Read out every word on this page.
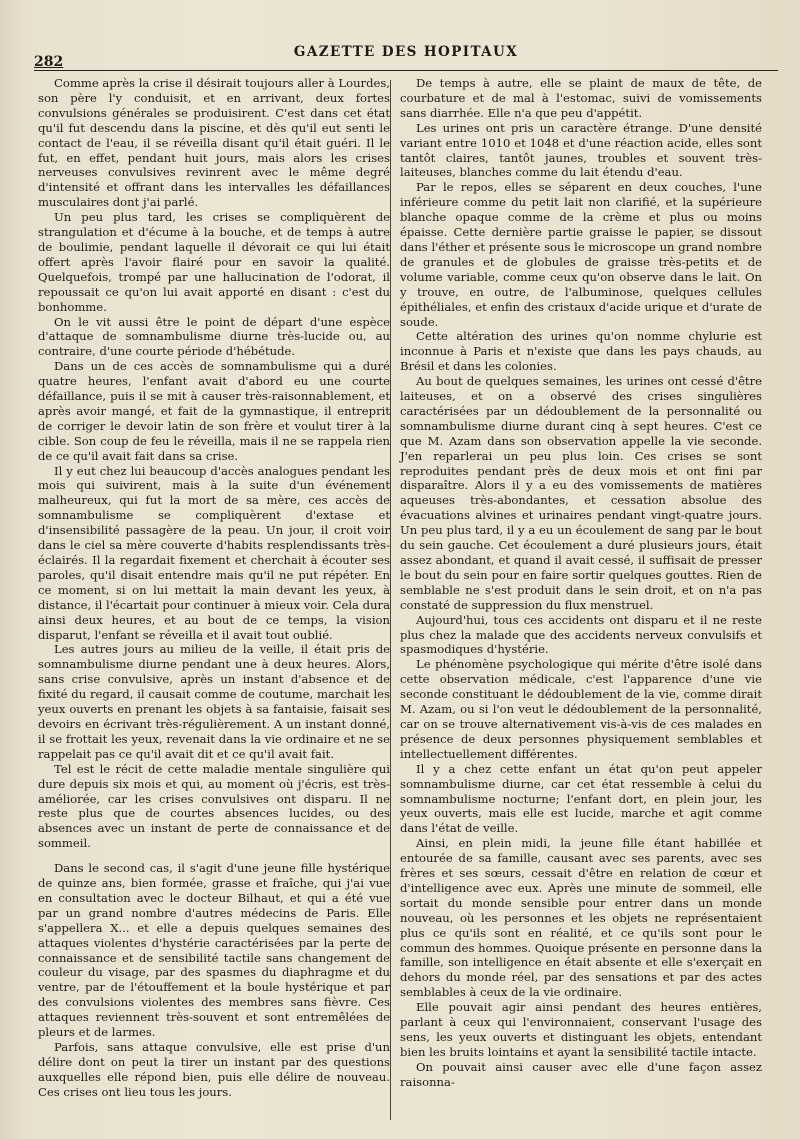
282
GAZETTE DES HOPITAUX

Comme après la crise il désirait toujours aller à Lourdes, son père l'y conduisit, et en arrivant, deux fortes convulsions générales se produisirent. C'est dans cet état qu'il fut descendu dans la piscine, et dès qu'il eut senti le contact de l'eau, il se réveilla disant qu'il était guéri. Il le fut, en effet, pendant huit jours, mais alors les crises nerveuses convulsives revinrent avec le même degré d'intensité et offrant dans les intervalles les défaillances musculaires dont j'ai parlé.

Un peu plus tard, les crises se compliquèrent de strangulation et d'écume à la bouche, et de temps à autre de boulimie, pendant laquelle il dévorait ce qui lui était offert après l'avoir flairé pour en savoir la qualité. Quelquefois, trompé par une hallucination de l'odorat, il repoussait ce qu'on lui avait apporté en disant : c'est du bonhomme.

On le vit aussi être le point de départ d'une espèce d'attaque de somnambulisme diurne très-lucide ou, au contraire, d'une courte période d'hébétude.

Dans un de ces accès de somnambulisme qui a duré quatre heures, l'enfant avait d'abord eu une courte défaillance, puis il se mit à causer très-raisonnablement, et après avoir mangé, et fait de la gymnastique, il entreprit de corriger le devoir latin de son frère et voulut tirer à la cible. Son coup de feu le réveilla, mais il ne se rappela rien de ce qu'il avait fait dans sa crise.

Il y eut chez lui beaucoup d'accès analogues pendant les mois qui suivirent, mais à la suite d'un événement malheureux, qui fut la mort de sa mère, ces accès de somnambulisme se compliquèrent d'extase et d'insensibilité passagère de la peau. Un jour, il croit voir dans le ciel sa mère couverte d'habits resplendissants très-éclairés. Il la regardait fixement et cherchait à écouter ses paroles, qu'il disait entendre mais qu'il ne put répéter. En ce moment, si on lui mettait la main devant les yeux, à distance, il l'écartait pour continuer à mieux voir. Cela dura ainsi deux heures, et au bout de ce temps, la vision disparut, l'enfant se réveilla et il avait tout oublié.

Les autres jours au milieu de la veille, il était pris de somnambulisme diurne pendant une à deux heures. Alors, sans crise convulsive, après un instant d'absence et de fixité du regard, il causait comme de coutume, marchait les yeux ouverts en prenant les objets à sa fantaisie, faisait ses devoirs en écrivant très-régulièrement. A un instant donné, il se frottait les yeux, revenait dans la vie ordinaire et ne se rappelait pas ce qu'il avait dit et ce qu'il avait fait.

Tel est le récit de cette maladie mentale singulière qui dure depuis six mois et qui, au moment où j'écris, est très-améliorée, car les crises convulsives ont disparu. Il ne reste plus que de courtes absences lucides, ou des absences avec un instant de perte de connaissance et de sommeil.

Dans le second cas, il s'agit d'une jeune fille hystérique de quinze ans, bien formée, grasse et fraîche, qui j'ai vue en consultation avec le docteur Bilhaut, et qui a été vue par un grand nombre d'autres médecins de Paris. Elle s'appellera X... et elle a depuis quelques semaines des attaques violentes d'hystérie caractérisées par la perte de connaissance et de sensibilité tactile sans changement de couleur du visage, par des spasmes du diaphragme et du ventre, par de l'étouffement et la boule hystérique et par des convulsions violentes des membres sans fièvre. Ces attaques reviennent très-souvent et sont entremêlées de pleurs et de larmes.

Parfois, sans attaque convulsive, elle est prise d'un délire dont on peut la tirer un instant par des questions auxquelles elle répond bien, puis elle délire de nouveau. Ces crises ont lieu tous les jours.

De temps à autre, elle se plaint de maux de tête, de courbature et de mal à l'estomac, suivi de vomissements sans diarrhée. Elle n'a que peu d'appétit.

Les urines ont pris un caractère étrange. D'une densité variant entre 1010 et 1048 et d'une réaction acide, elles sont tantôt claires, tantôt jaunes, troubles et souvent très-laiteuses, blanches comme du lait étendu d'eau.

Par le repos, elles se séparent en deux couches, l'une inférieure comme du petit lait non clarifié, et la supérieure blanche opaque comme de la crème et plus ou moins épaisse. Cette dernière partie graisse le papier, se dissout dans l'éther et présente sous le microscope un grand nombre de granules et de globules de graisse très-petits et de volume variable, comme ceux qu'on observe dans le lait. On y trouve, en outre, de l'albuminose, quelques cellules épithéliales, et enfin des cristaux d'acide urique et d'urate de soude.

Cette altération des urines qu'on nomme chylurie est inconnue à Paris et n'existe que dans les pays chauds, au Brésil et dans les colonies.

Au bout de quelques semaines, les urines ont cessé d'être laiteuses, et on a observé des crises singulières caractérisées par un dédoublement de la personnalité ou somnambulisme diurne durant cinq à sept heures. C'est ce que M. Azam dans son observation appelle la vie seconde. J'en reparlerai un peu plus loin. Ces crises se sont reproduites pendant près de deux mois et ont fini par disparaître. Alors il y a eu des vomissements de matières aqueuses très-abondantes, et cessation absolue des évacuations alvines et urinaires pendant vingt-quatre jours. Un peu plus tard, il y a eu un écoulement de sang par le bout du sein gauche. Cet écoulement a duré plusieurs jours, était assez abondant, et quand il avait cessé, il suffisait de presser le bout du sein pour en faire sortir quelques gouttes. Rien de semblable ne s'est produit dans le sein droit, et on n'a pas constaté de suppression du flux menstruel.

Aujourd'hui, tous ces accidents ont disparu et il ne reste plus chez la malade que des accidents nerveux convulsifs et spasmodiques d'hystérie.

Le phénomène psychologique qui mérite d'être isolé dans cette observation médicale, c'est l'apparence d'une vie seconde constituant le dédoublement de la vie, comme dirait M. Azam, ou si l'on veut le dédoublement de la personnalité, car on se trouve alternativement vis-à-vis de ces malades en présence de deux personnes physiquement semblables et intellectuellement différentes.

Il y a chez cette enfant un état qu'on peut appeler somnambulisme diurne, car cet état ressemble à celui du somnambulisme nocturne; l'enfant dort, en plein jour, les yeux ouverts, mais elle est lucide, marche et agit comme dans l'état de veille.

Ainsi, en plein midi, la jeune fille étant habillée et entourée de sa famille, causant avec ses parents, avec ses frères et ses sœurs, cessait d'être en relation de cœur et d'intelligence avec eux. Après une minute de sommeil, elle sortait du monde sensible pour entrer dans un monde nouveau, où les personnes et les objets ne représentaient plus ce qu'ils sont en réalité, et ce qu'ils sont pour le commun des hommes. Quoique présente en personne dans la famille, son intelligence en était absente et elle s'exerçait en dehors du monde réel, par des sensations et par des actes semblables à ceux de la vie ordinaire.

Elle pouvait agir ainsi pendant des heures entières, parlant à ceux qui l'environnaient, conservant l'usage des sens, les yeux ouverts et distinguant les objets, entendant bien les bruits lointains et ayant la sensibilité tactile intacte.

On pouvait ainsi causer avec elle d'une façon assez raisonna-
